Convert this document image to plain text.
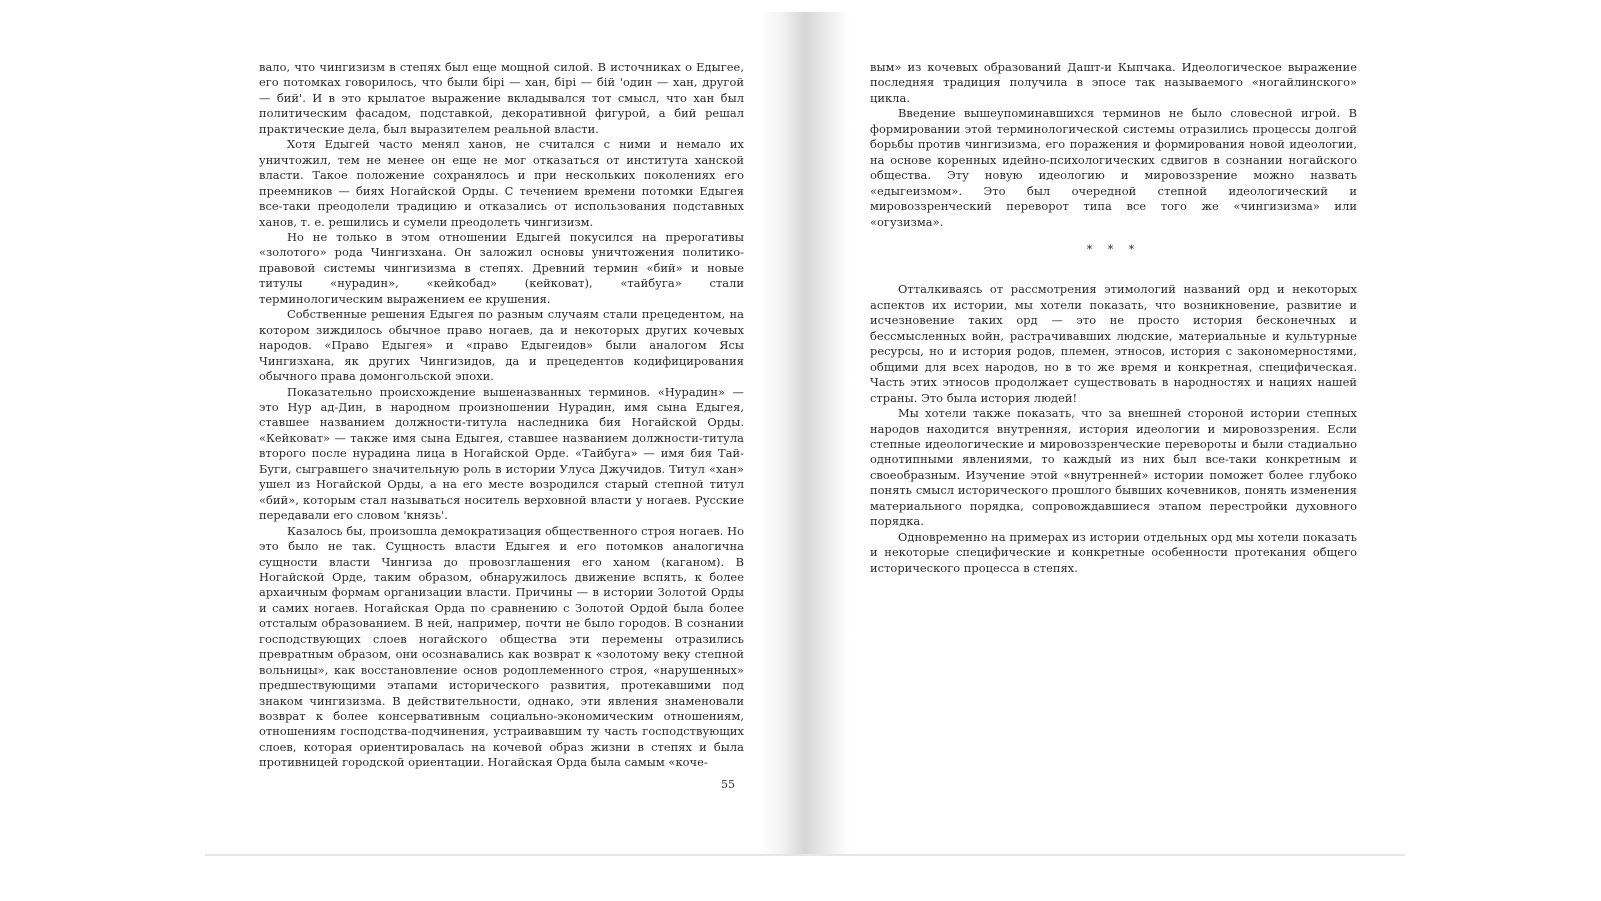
вало, что чингизизм в степях был еще мощной силой. В источниках о Едыгее, его потомках говорилось, что были бiрi — хан, бiрi — бiй 'один — хан, другой — бий'. И в это крылатое выражение вкладывался тот смысл, что хан был политическим фасадом, подставкой, декоративной фигурой, а бий решал практические дела, был выразителем реальной власти.

Хотя Едыгей часто менял ханов, не считался с ними и немало их уничтожил, тем не менее он еще не мог отказаться от института ханской власти. Такое положение сохранялось и при нескольких поколениях его преемников — биях Ногайской Орды. С течением времени потомки Едыгея все-таки преодолели традицию и отказались от использования подставных ханов, т. е. решились и сумели преодолеть чингизизм.

Но не только в этом отношении Едыгей покусился на прерогативы «золотого» рода Чингизхана. Он заложил основы уничтожения политико-правовой системы чингизизма в степях. Древний термин «бий» и новые титулы «нурадин», «кейкобад» (кейковат), «тайбуга» стали терминологическим выражением ее крушения.

Собственные решения Едыгея по разным случаям стали прецедентом, на котором зиждилось обычное право ногаев, да и некоторых других кочевых народов. «Право Едыгея» и «право Едыгеидов» были аналогом Ясы Чингизхана, як других Чингизидов, да и прецедентов кодифицирования обычного права домонгольской эпохи.

Показательно происхождение вышеназванных терминов. «Нурадин» — это Нур ад-Дин, в народном произношении Нурадин, имя сына Едыгея, ставшее названием должности-титула наследника бия Ногайской Орды. «Кейковат» — также имя сына Едыгея, ставшее названием должности-титула второго после нурадина лица в Ногайской Орде. «Тайбуга» — имя бия Тай-Буги, сыгравшего значительную роль в истории Улуса Джучидов. Титул «хан» ушел из Ногайской Орды, а на его месте возродился старый степной титул «бий», которым стал называться носитель верховной власти у ногаев. Русские передавали его словом 'князь'.

Казалось бы, произошла демократизация общественного строя ногаев. Но это было не так. Сущность власти Едыгея и его потомков аналогична сущности власти Чингиза до провозглашения его ханом (каганом). В Ногайской Орде, таким образом, обнаружилось движение вспять, к более архаичным формам организации власти. Причины — в истории Золотой Орды и самих ногаев. Ногайская Орда по сравнению с Золотой Ордой была более отсталым образованием. В ней, например, почти не было городов. В сознании господствующих слоев ногайского общества эти перемены отразились превратным образом, они осознавались как возврат к «золотому веку степной вольницы», как восстановление основ родоплеменного строя, «нарушенных» предшествующими этапами исторического развития, протекавшими под знаком чингизизма. В действительности, однако, эти явления знаменовали возврат к более консервативным социально-экономическим отношениям, отношениям господства-подчинения, устраивавшим ту часть господствующих слоев, которая ориентировалась на кочевой образ жизни в степях и была противницей городской ориентации. Ногайская Орда была самым «коче-

55

вым» из кочевых образований Дашт-и Кыпчака. Идеологическое выражение последняя традиция получила в эпосе так называемого «ногайлинского» цикла.

Введение вышеупоминавшихся терминов не было словесной игрой. В формировании этой терминологической системы отразились процессы долгой борьбы против чингизизма, его поражения и формирования новой идеологии, на основе коренных идейно-психологических сдвигов в сознании ногайского общества. Эту новую идеологию и мировоззрение можно назвать «едыгеизмом». Это был очередной степной идеологический и мировоззренческий переворот типа все того же «чингизизма» или «огузизма».

* * *

Отталкиваясь от рассмотрения этимологий названий орд и некоторых аспектов их истории, мы хотели показать, что возникновение, развитие и исчезновение таких орд — это не просто история бесконечных и бессмысленных войн, растрачивавших людские, материальные и культурные ресурсы, но и история родов, племен, этносов, история с закономерностями, общими для всех народов, но в то же время и конкретная, специфическая. Часть этих этносов продолжает существовать в народностях и нациях нашей страны. Это была история людей!

Мы хотели также показать, что за внешней стороной истории степных народов находится внутренняя, история идеологии и мировоззрения. Если степные идеологические и мировоззренческие перевороты и были стадиально однотипными явлениями, то каждый из них был все-таки конкретным и своеобразным. Изучение этой «внутренней» истории поможет более глубоко понять смысл исторического прошлого бывших кочевников, понять изменения материального порядка, сопровождавшиеся этапом перестройки духовного порядка.

Одновременно на примерах из истории отдельных орд мы хотели показать и некоторые специфические и конкретные особенности протекания общего исторического процесса в степях.
